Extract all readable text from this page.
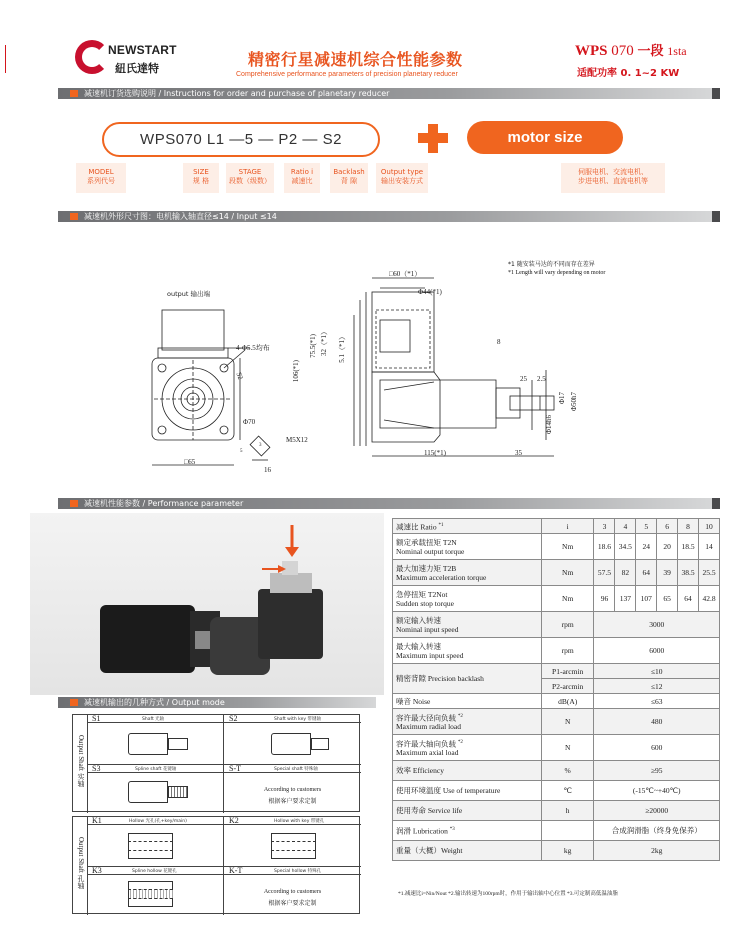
NEWSTART
紐氏達特	精密行星减速机综合性能参数
Comprehensive performance parameters of precision planetary reducer
WPS 070 一段 1sta
适配功率 0. 1~2 KW
减速机订货选购说明 / Instructions for order and purchase of planetary reducer
WPS070 L1 —5 — P2 — S2	motor size
MODEL
系列代号
SIZE
规 格
STAGE
段数（级数）
Ratio i
减速比
Backlash
背 隙
Output type
输出安装方式
伺服电机、交流电机、
步进电机、直流电机等
减速机外形尺寸图：电机输入轴直径≤14 / Input ≤14
*1 随安装马达的不同而存在差异
*1 Length will vary depending on motor
output 输出端
4-Φ5.5均布
52
Φ70
M5X12
16
□65
5
3
□60（*1）
Φ44(*1)
32（*1） 5.1（*1）
75.5(*1)
106(*1)
8
25 2.5
Φ17 Φ50h7
Φ14h6
115(*1)	35
减速机性能参数 / Performance parameter
减速机输出的几种方式 / Output mode
减速比 Ratio $^{*1}$	i	3	4	5	6	8	10

额定承载扭矩 T2N
Nominal output torque	Nm	18.6	34.5	24	20	18.5	14

最大加速力矩 T2B
Maximum acceleration torque	Nm	57.5	82	64	39	38.5	25.5

急停扭矩 T2Not
Sudden stop torque	Nm	96	137	107	65	64	42.8

额定输入转速
Nominal input speed	rpm	3000					

最大输入转速
Maximum input speed	rpm	6000					
精密背隙 Precision backlash	P1-arcmin	≤10					
	P2-arcmin	≤12					
噪音 Noise	dB(A)	≤63					

容许最大径向负载 $^{*2}$
Maximum radial load	N	480					

容许最大轴向负载 $^{*2}$
Maximum axial load	N	600					
效率 Efficiency	%	≥95					
使用环境温度 Use of temperature	℃	(-15℃~+40℃)					
使用寿命 Service life	h	≥20000					
润滑 Lubrication $^{*3}$		合成润滑脂（终身免保养）					
重量（大概）Weight	kg	2kg					
*1.减速比i=Nin/Nout *2.输出转速为100rpm时，作用于输出轴中心位置 *3.可定制高低温油脂
Output Shaft 实轴
S1	Shaft 光轴	S2	Shaft with key 带键轴
S3	Spline shaft 花键轴	S-T	Special shaft 特殊轴
According to customers
根据客户要求定制
Output Shaft 孔轴
K1	Hollow 光孔(孔+key/main)	K2	Hollow with key 带键孔
K3	Spline hollow 花键孔	K-T	Special hollow 特殊孔
According to customers
根据客户要求定制
